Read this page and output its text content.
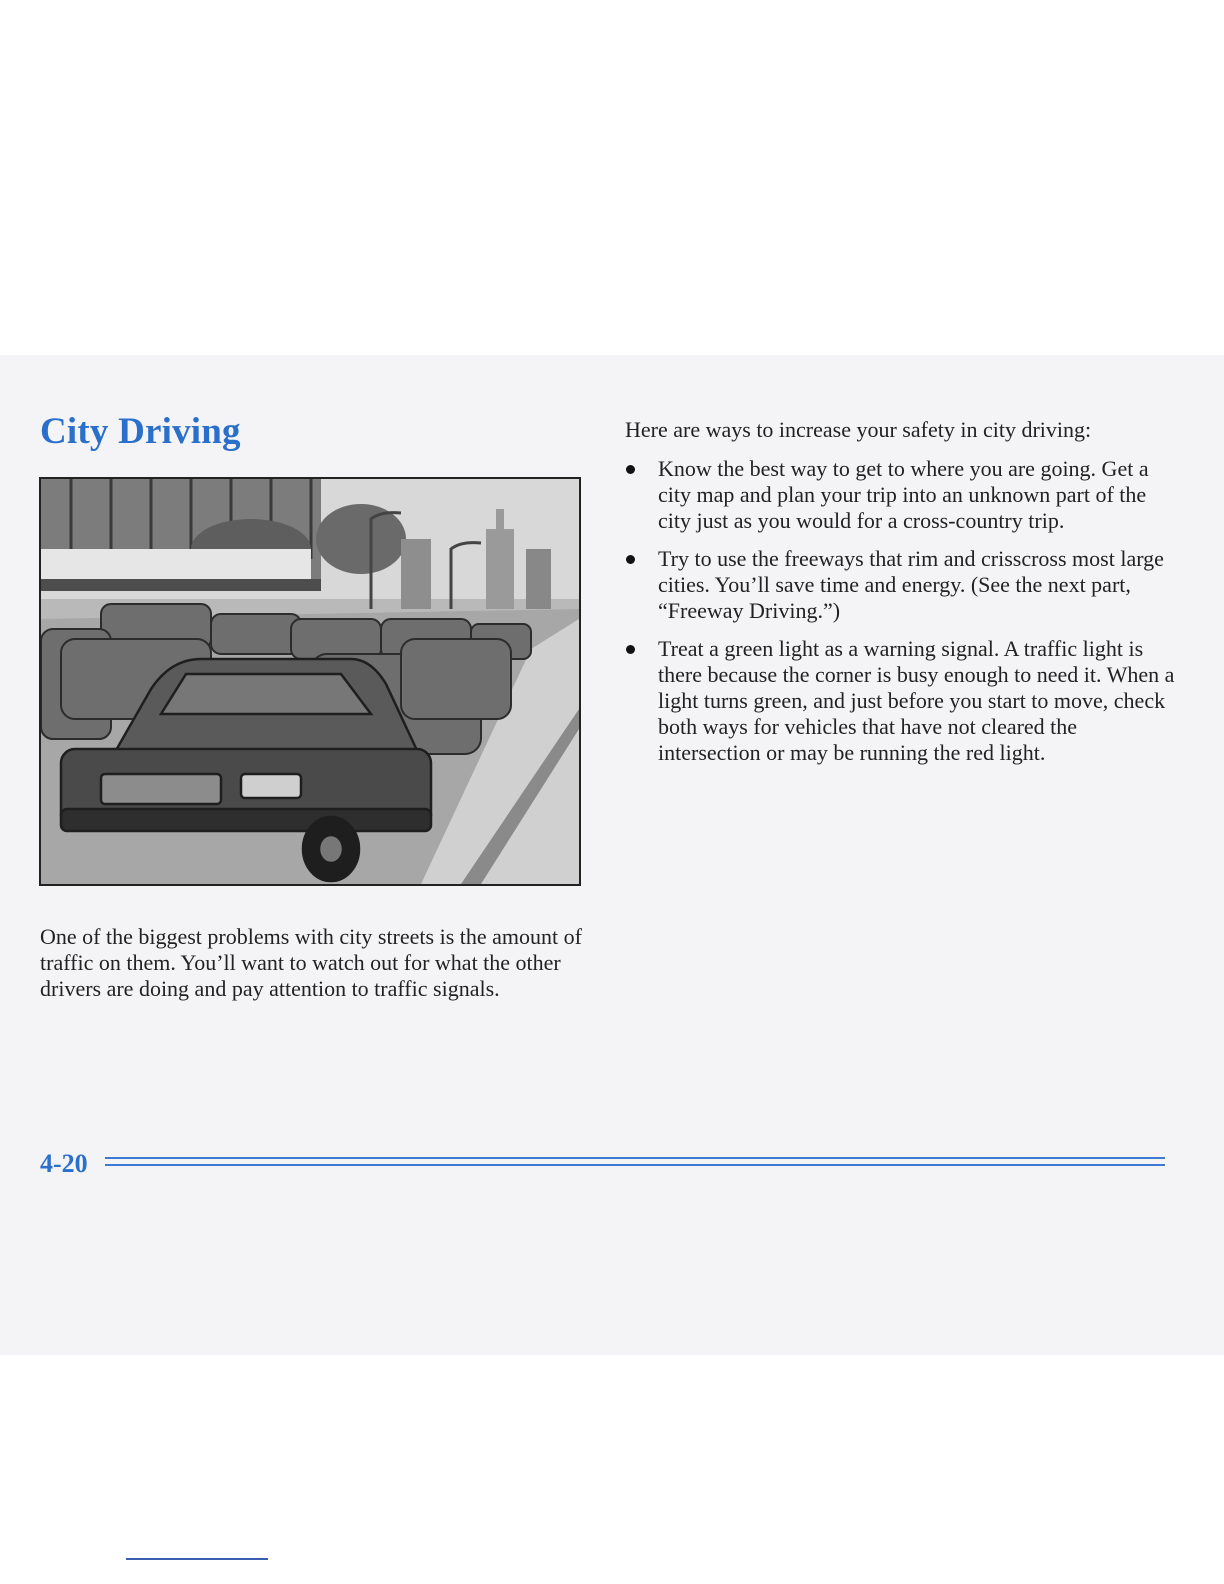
City Driving

One of the biggest problems with city streets is the amount of traffic on them. You’ll want to watch out for what the other drivers are doing and pay attention to traffic signals.

Here are ways to increase your safety in city driving:

Know the best way to get to where you are going. Get a city map and plan your trip into an unknown part of the city just as you would for a cross-country trip.
Try to use the freeways that rim and crisscross most large cities. You’ll save time and energy. (See the next part, “Freeway Driving.”)
Treat a green light as a warning signal. A traffic light is there because the corner is busy enough to need it. When a light turns green, and just before you start to move, check both ways for vehicles that have not cleared the intersection or may be running the red light.
4-20
